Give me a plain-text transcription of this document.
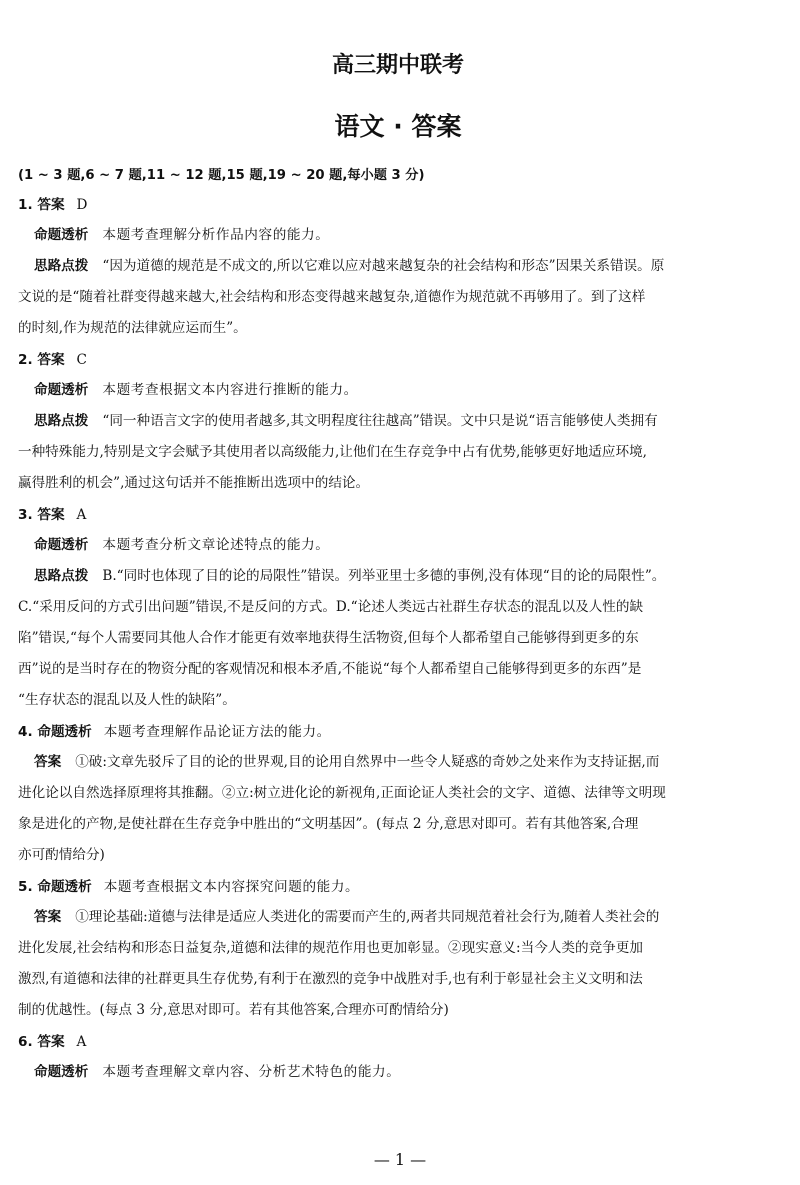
高三期中联考
语文 · 答案
(1 ~ 3 题,6 ~ 7 题,11 ~ 12 题,15 题,19 ~ 20 题,每小题 3 分)
1. 答案 D
命题透析 本题考查理解分析作品内容的能力。
思路点拨 “因为道德的规范是不成文的,所以它难以应对越来越复杂的社会结构和形态”因果关系错误。原
文说的是“随着社群变得越来越大,社会结构和形态变得越来越复杂,道德作为规范就不再够用了。到了这样
的时刻,作为规范的法律就应运而生”。
2. 答案 C
命题透析 本题考查根据文本内容进行推断的能力。
思路点拨 “同一种语言文字的使用者越多,其文明程度往往越高”错误。文中只是说“语言能够使人类拥有
一种特殊能力,特别是文字会赋予其使用者以高级能力,让他们在生存竞争中占有优势,能够更好地适应环境,
赢得胜利的机会”,通过这句话并不能推断出选项中的结论。
3. 答案 A
命题透析 本题考查分析文章论述特点的能力。
思路点拨 B.“同时也体现了目的论的局限性”错误。列举亚里士多德的事例,没有体现“目的论的局限性”。
C.“采用反问的方式引出问题”错误,不是反问的方式。D.“论述人类远古社群生存状态的混乱以及人性的缺
陷”错误,“每个人需要同其他人合作才能更有效率地获得生活物资,但每个人都希望自己能够得到更多的东
西”说的是当时存在的物资分配的客观情况和根本矛盾,不能说“每个人都希望自己能够得到更多的东西”是
“生存状态的混乱以及人性的缺陷”。
4. 命题透析 本题考查理解作品论证方法的能力。
答案 ①破:文章先驳斥了目的论的世界观,目的论用自然界中一些令人疑惑的奇妙之处来作为支持证据,而
进化论以自然选择原理将其推翻。②立:树立进化论的新视角,正面论证人类社会的文字、道德、法律等文明现
象是进化的产物,是使社群在生存竞争中胜出的“文明基因”。(每点 2 分,意思对即可。若有其他答案,合理
亦可酌情给分)
5. 命题透析 本题考查根据文本内容探究问题的能力。
答案 ①理论基础:道德与法律是适应人类进化的需要而产生的,两者共同规范着社会行为,随着人类社会的
进化发展,社会结构和形态日益复杂,道德和法律的规范作用也更加彰显。②现实意义:当今人类的竞争更加
激烈,有道德和法律的社群更具生存优势,有利于在激烈的竞争中战胜对手,也有利于彰显社会主义文明和法
制的优越性。(每点 3 分,意思对即可。若有其他答案,合理亦可酌情给分)
6. 答案 A
命题透析 本题考查理解文章内容、分析艺术特色的能力。
— 1 —
